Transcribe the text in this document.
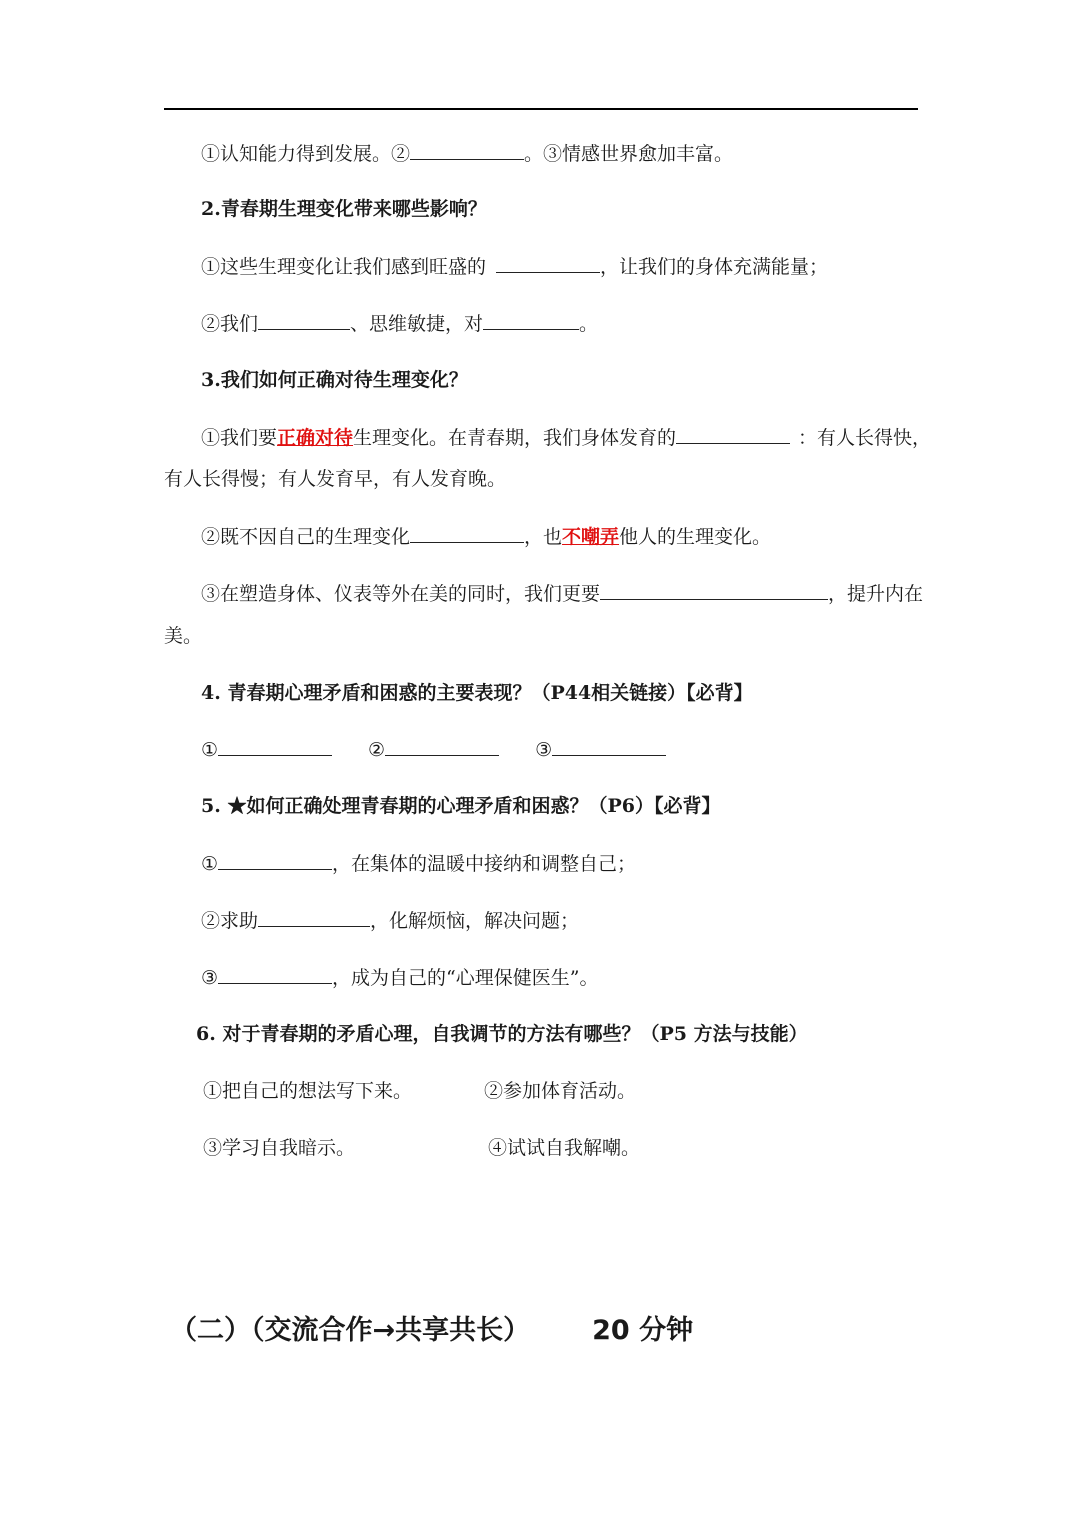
①认知能力得到发展。②	。③情感世界愈加丰富。
2.青春期生理变化带来哪些影响？
①这些生理变化让我们感到旺盛的	，让我们的身体充满能量；
②我们	、思维敏捷，对	。
3.我们如何正确对待生理变化？
①我们要正确对待生理变化。在青春期，我们身体发育的	：有人长得快，
有人长得慢；有人发育早，有人发育晚。
②既不因自己的生理变化	，也不嘲弄他人的生理变化。
③在塑造身体、仪表等外在美的同时，我们更要	，提升内在
美。
4. 青春期心理矛盾和困惑的主要表现？（P44相关链接）【必背】
①	②	③
5. ★如何正确处理青春期的心理矛盾和困惑？（P6）【必背】
①	，在集体的温暖中接纳和调整自己；
②求助	，化解烦恼，解决问题；
③	，成为自己的“心理保健医生”。
6. 对于青春期的矛盾心理，自我调节的方法有哪些？（P5 方法与技能）
①把自己的想法写下来。	②参加体育活动。
③学习自我暗示。	④试试自我解嘲。
（二）（交流合作→共享共长） 20 分钟
